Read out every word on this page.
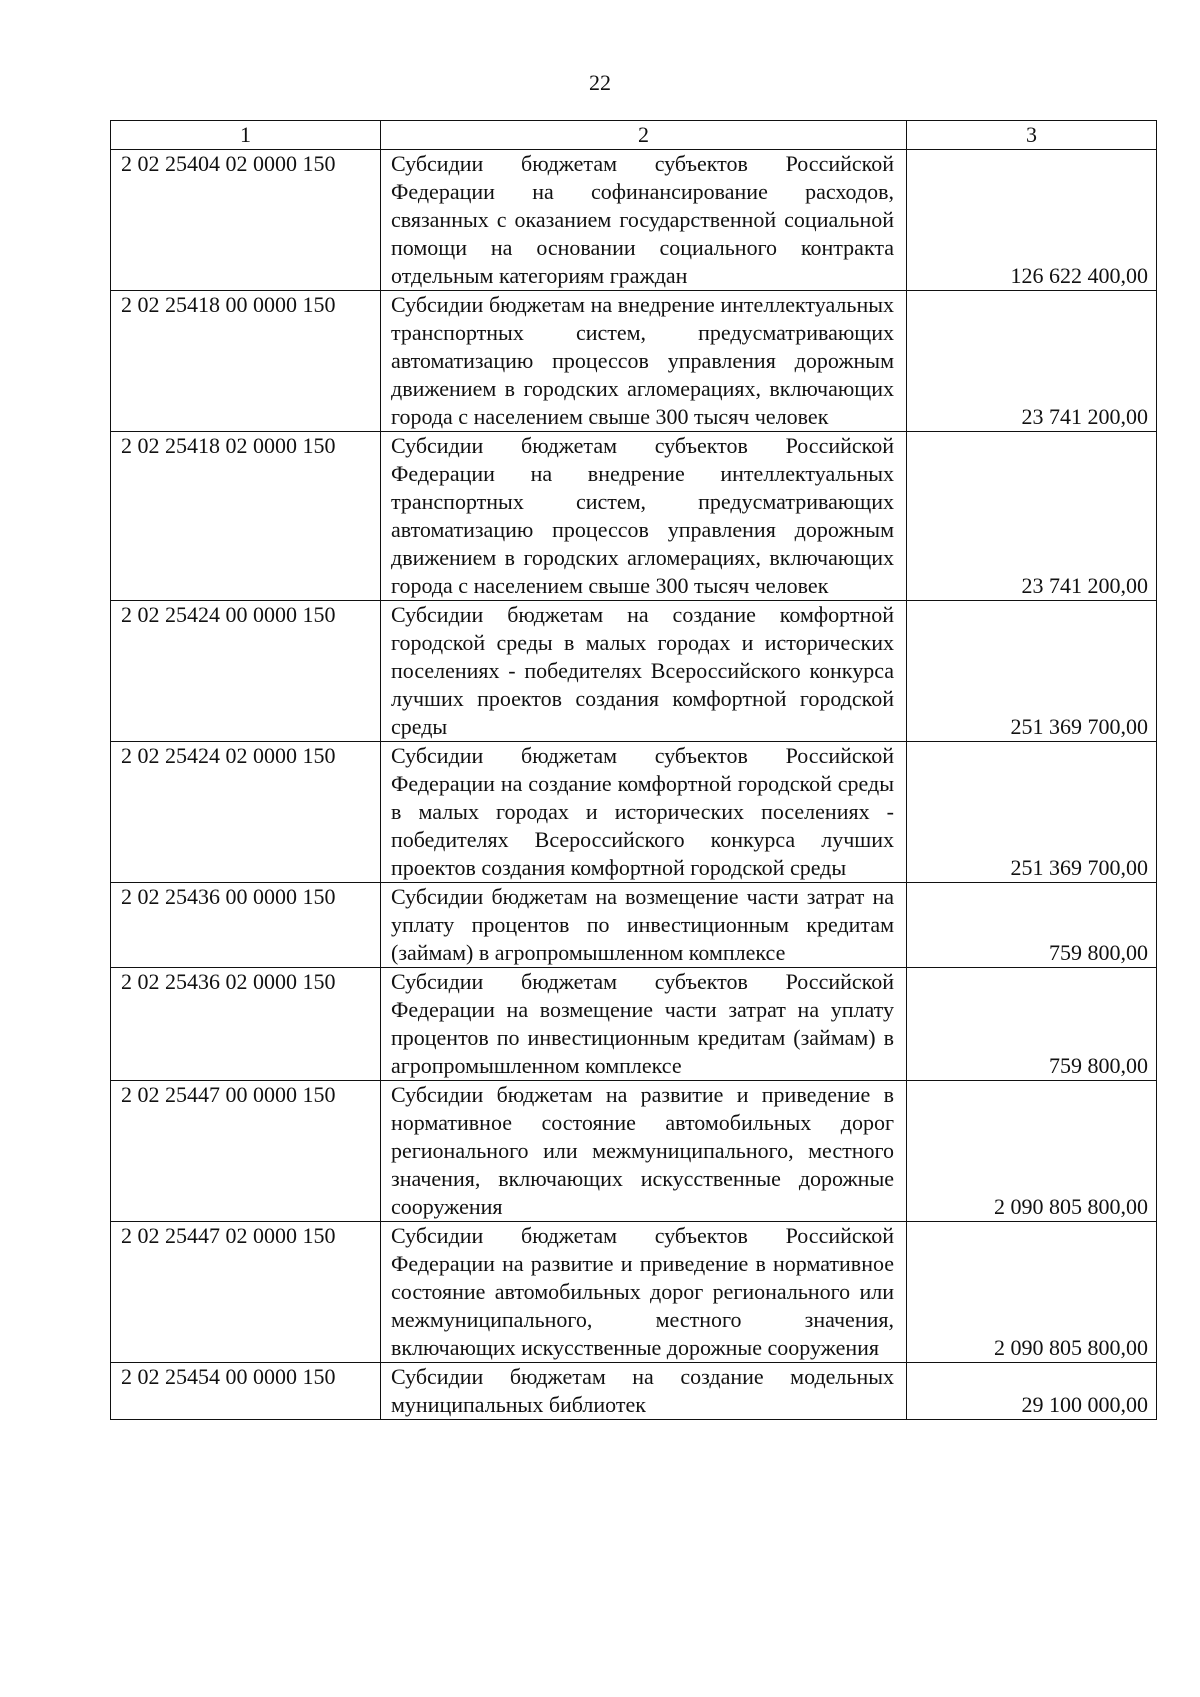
22
1	2	3
2 02 25404 02 0000 150	Субсидии бюджетам субъектов Российской Федерации на софинансирование расходов, связанных с оказанием государственной социальной помощи на основании социального контракта отдельным категориям граждан	126 622 400,00
2 02 25418 00 0000 150	Субсидии бюджетам на внедрение интеллектуальных транспортных систем, предусматривающих автоматизацию процессов управления дорожным движением в городских агломерациях, включающих города с населением свыше 300 тысяч человек	23 741 200,00
2 02 25418 02 0000 150	Субсидии бюджетам субъектов Российской Федерации на внедрение интеллектуальных транспортных систем, предусматривающих автоматизацию процессов управления дорожным движением в городских агломерациях, включающих города с населением свыше 300 тысяч человек	23 741 200,00
2 02 25424 00 0000 150	Субсидии бюджетам на создание комфортной городской среды в малых городах и исторических поселениях - победителях Всероссийского конкурса лучших проектов создания комфортной городской среды	251 369 700,00
2 02 25424 02 0000 150	Субсидии бюджетам субъектов Российской Федерации на создание комфортной городской среды в малых городах и исторических поселениях - победителях Всероссийского конкурса лучших проектов создания комфортной городской среды	251 369 700,00
2 02 25436 00 0000 150	Субсидии бюджетам на возмещение части затрат на уплату процентов по инвестиционным кредитам (займам) в агропромышленном комплексе	759 800,00
2 02 25436 02 0000 150	Субсидии бюджетам субъектов Российской Федерации на возмещение части затрат на уплату процентов по инвестиционным кредитам (займам) в агропромышленном комплексе	759 800,00
2 02 25447 00 0000 150	Субсидии бюджетам на развитие и приведение в нормативное состояние автомобильных дорог регионального или межмуниципального, местного значения, включающих искусственные дорожные сооружения	2 090 805 800,00
2 02 25447 02 0000 150	Субсидии бюджетам субъектов Российской Федерации на развитие и приведение в нормативное состояние автомобильных дорог регионального или межмуниципального, местного значения, включающих искусственные дорожные сооружения	2 090 805 800,00
2 02 25454 00 0000 150	Субсидии бюджетам на создание модельных муниципальных библиотек	29 100 000,00
